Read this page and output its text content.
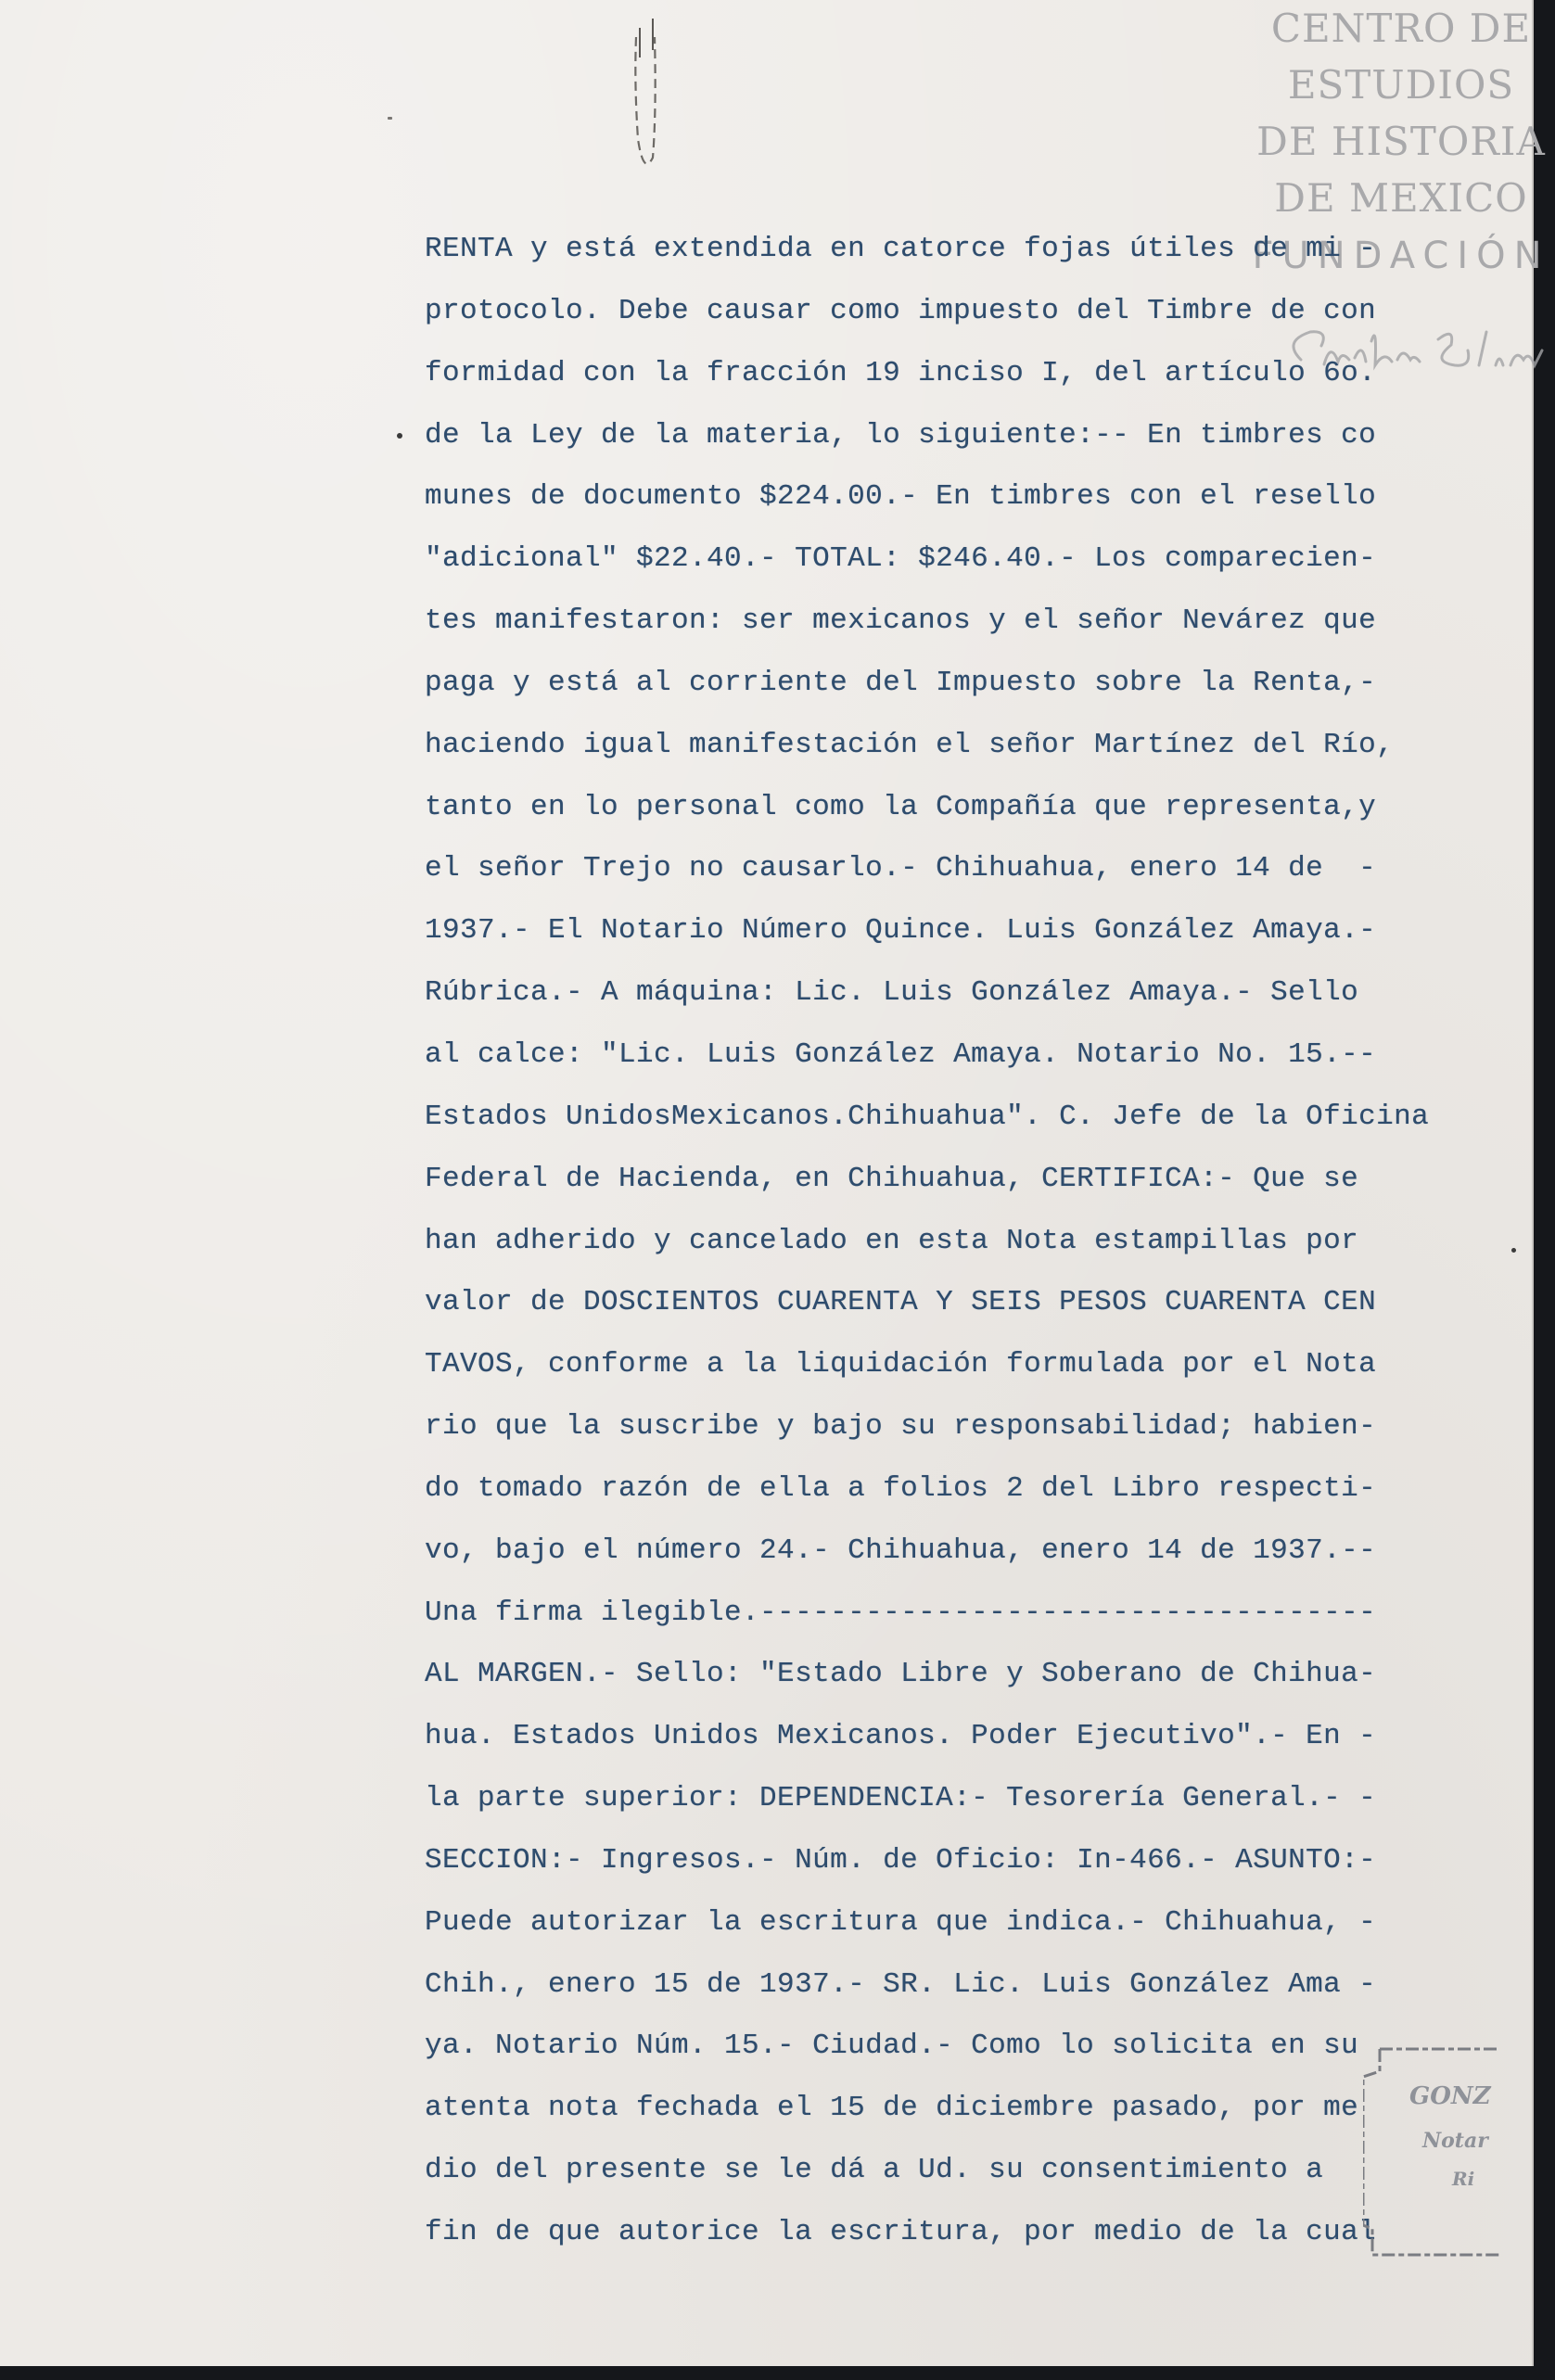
CENTRO DE
ESTUDIOS
DE HISTORIA
DE MEXICO
FUNDACIÓN
RENTA y está extendida en catorce fojas útiles de mi -
protocolo. Debe causar como impuesto del Timbre de con
formidad con la fracción 19 inciso I, del artículo 6o.
de la Ley de la materia, lo siguiente:-- En timbres co
munes de documento $224.00.- En timbres con el resello
"adicional" $22.40.- TOTAL: $246.40.- Los comparecien-
tes manifestaron: ser mexicanos y el señor Nevárez que
paga y está al corriente del Impuesto sobre la Renta,-
haciendo igual manifestación el señor Martínez del Río,
tanto en lo personal como la Compañía que representa,y
el señor Trejo no causarlo.- Chihuahua, enero 14 de  -
1937.- El Notario Número Quince. Luis González Amaya.-
Rúbrica.- A máquina: Lic. Luis González Amaya.- Sello
al calce: "Lic. Luis González Amaya. Notario No. 15.--
Estados UnidosMexicanos.Chihuahua". C. Jefe de la Oficina
Federal de Hacienda, en Chihuahua, CERTIFICA:- Que se
han adherido y cancelado en esta Nota estampillas por
valor de DOSCIENTOS CUARENTA Y SEIS PESOS CUARENTA CEN
TAVOS, conforme a la liquidación formulada por el Nota
rio que la suscribe y bajo su responsabilidad; habien-
do tomado razón de ella a folios 2 del Libro respecti-
vo, bajo el número 24.- Chihuahua, enero 14 de 1937.--
Una firma ilegible.-----------------------------------
AL MARGEN.- Sello: "Estado Libre y Soberano de Chihua-
hua. Estados Unidos Mexicanos. Poder Ejecutivo".- En -
la parte superior: DEPENDENCIA:- Tesorería General.- -
SECCION:- Ingresos.- Núm. de Oficio: In-466.- ASUNTO:-
Puede autorizar la escritura que indica.- Chihuahua, -
Chih., enero 15 de 1937.- SR. Lic. Luis González Ama -
ya. Notario Núm. 15.- Ciudad.- Como lo solicita en su
atenta nota fechada el 15 de diciembre pasado, por me
dio del presente se le dá a Ud. su consentimiento a
fin de que autorice la escritura, por medio de la cual
GONZ
Notar
Ri
